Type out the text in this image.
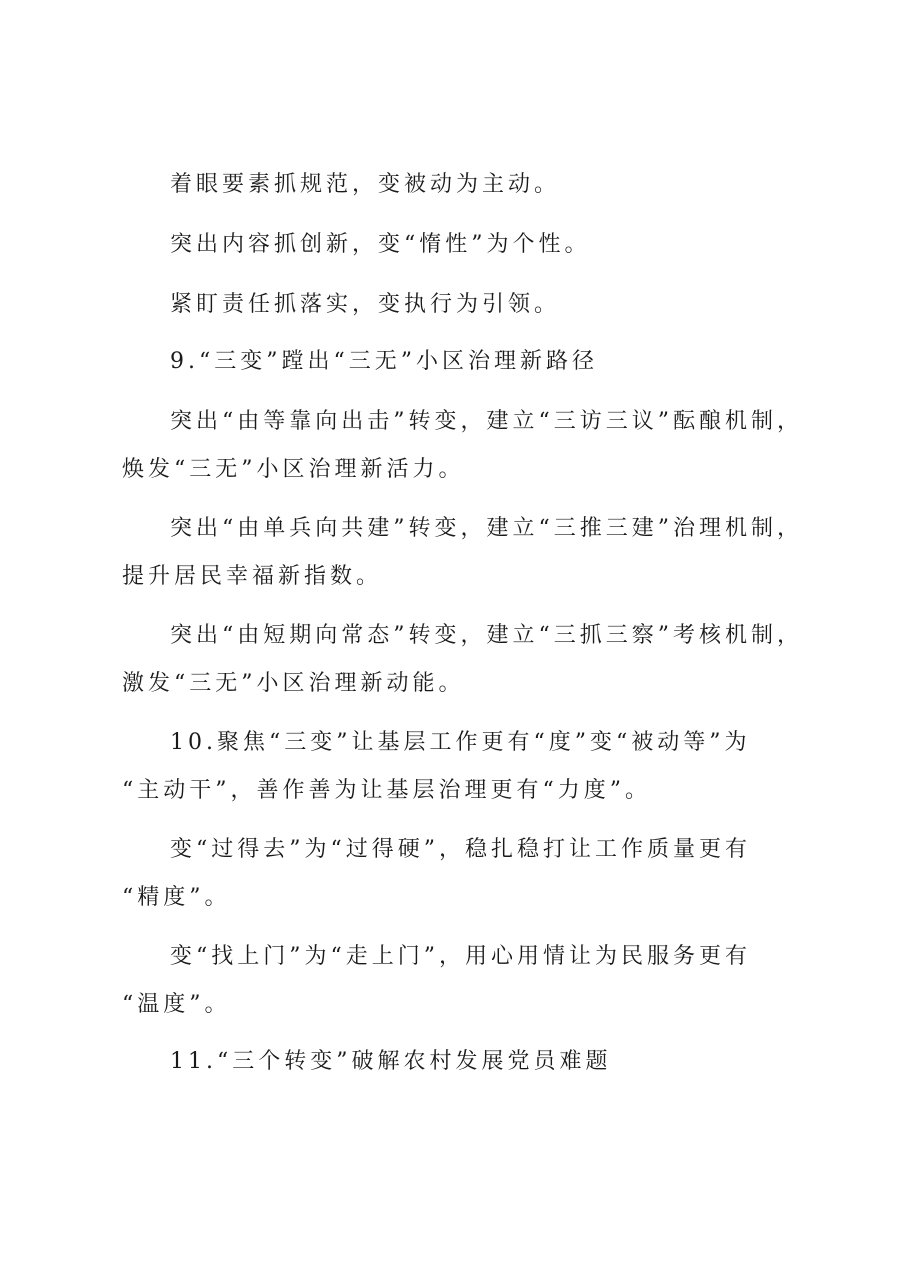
着眼要素抓规范，变被动为主动。
突出内容抓创新，变“惰性”为个性。
紧盯责任抓落实，变执行为引领。
9.“三变”蹚出“三无”小区治理新路径
突出“由等靠向出击”转变，建立“三访三议”酝酿机制，
焕发“三无”小区治理新活力。
突出“由单兵向共建”转变，建立“三推三建”治理机制，
提升居民幸福新指数。
突出“由短期向常态”转变，建立“三抓三察”考核机制，
激发“三无”小区治理新动能。
10.聚焦“三变”让基层工作更有“度”变“被动等”为
“主动干”，善作善为让基层治理更有“力度”。
变“过得去”为“过得硬”，稳扎稳打让工作质量更有
“精度”。
变“找上门”为“走上门”，用心用情让为民服务更有
“温度”。
11.“三个转变”破解农村发展党员难题
